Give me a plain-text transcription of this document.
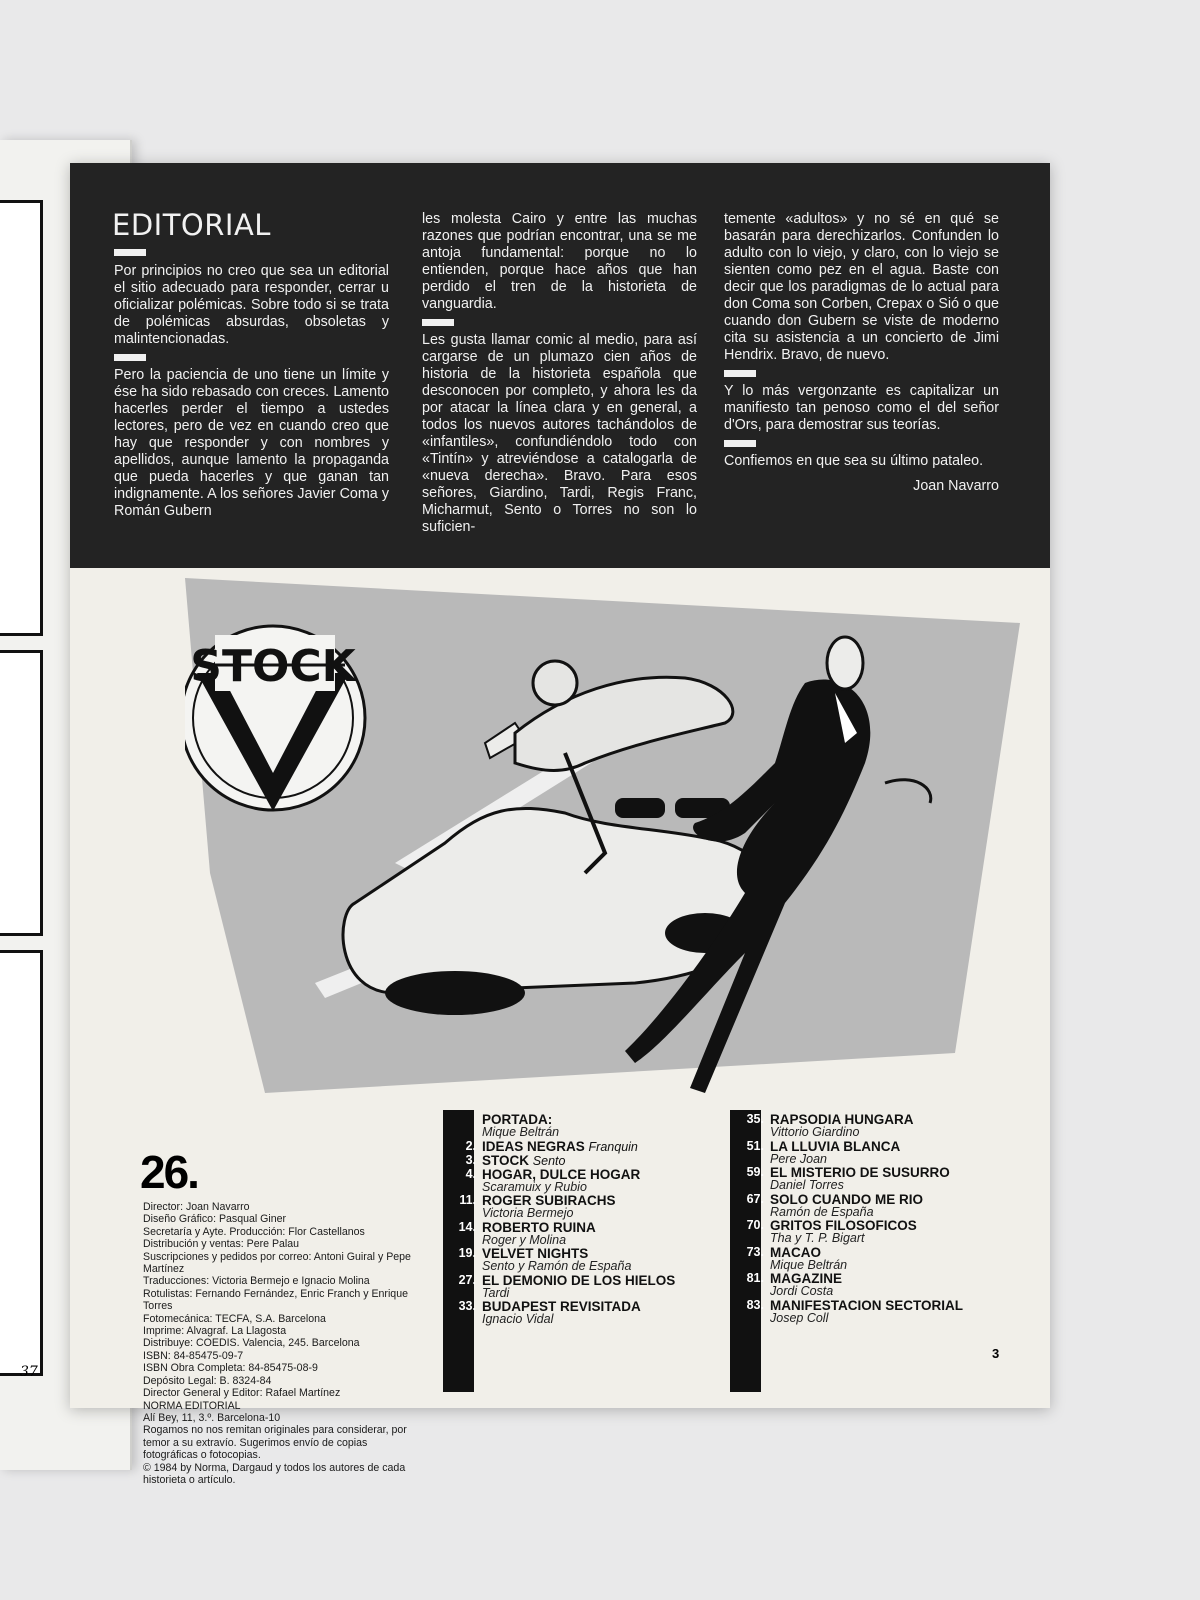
37
EDITORIAL

Por principios no creo que sea un editorial el sitio adecuado para responder, cerrar u oficializar polémicas. Sobre todo si se trata de polémicas absurdas, obsoletas y malintencionadas.

Pero la paciencia de uno tiene un límite y ése ha sido rebasado con creces. Lamento hacerles perder el tiempo a ustedes lectores, pero de vez en cuando creo que hay que responder y con nombres y apellidos, aunque lamento la propaganda que pueda hacerles y que ganan tan indignamente. A los señores Javier Coma y Román Gubern

les molesta Cairo y entre las muchas razones que podrían encontrar, una se me antoja fundamental: porque no lo entienden, porque hace años que han perdido el tren de la historieta de vanguardia.

Les gusta llamar comic al medio, para así cargarse de un plumazo cien años de historia de la historieta española que desconocen por completo, y ahora les da por atacar la línea clara y en general, a todos los nuevos autores tachándolos de «infantiles», confundiéndolo todo con «Tintín» y atreviéndose a catalogarla de «nueva derecha». Bravo. Para esos señores, Giardino, Tardi, Regis Franc, Micharmut, Sento o Torres no son lo suficien-

temente «adultos» y no sé en qué se basarán para derechizarlos. Confunden lo adulto con lo viejo, y claro, con lo viejo se sienten como pez en el agua. Baste con decir que los paradigmas de lo actual para don Coma son Corben, Crepax o Sió o que cuando don Gubern se viste de moderno cita su asistencia a un concierto de Jimi Hendrix. Bravo, de nuevo.

Y lo más vergonzante es capitalizar un manifiesto tan penoso como el del señor d'Ors, para demostrar sus teorías.

Confiemos en que sea su último pataleo.

Joan Navarro
STOCK
26.
Director: Joan Navarro
Diseño Gráfico: Pasqual Giner
Secretaría y Ayte. Producción: Flor Castellanos
Distribución y ventas: Pere Palau
Suscripciones y pedidos por correo: Antoni Guiral y Pepe Martínez
Traducciones: Victoria Bermejo e Ignacio Molina
Rotulistas: Fernando Fernández, Enric Franch y Enrique Torres
Fotomecánica: TECFA, S.A. Barcelona
Imprime: Alvagraf. La Llagosta
Distribuye: COEDIS. Valencia, 245. Barcelona
ISBN: 84-85475-09-7
ISBN Obra Completa: 84-85475-08-9
Depósito Legal: B. 8324-84
Director General y Editor: Rafael Martínez
NORMA EDITORIAL
Alí Bey, 11, 3.º. Barcelona-10
Rogamos no nos remitan originales para considerar, por temor a su extravío. Sugerimos envío de copias fotográficas o fotocopias.
© 1984 by Norma, Dargaud y todos los autores de cada historieta o artículo.
PORTADA:
Mique Beltrán
2. IDEAS NEGRAS Franquin
3. STOCK Sento
4. HOGAR, DULCE HOGAR
Scaramuix y Rubio
11. ROGER SUBIRACHS
Victoria Bermejo
14. ROBERTO RUINA
Roger y Molina
19. VELVET NIGHTS
Sento y Ramón de España
27. EL DEMONIO DE LOS HIELOS
Tardi
33. BUDAPEST REVISITADA
Ignacio Vidal
35. RAPSODIA HUNGARA
Vittorio Giardino
51. LA LLUVIA BLANCA
Pere Joan
59. EL MISTERIO DE SUSURRO
Daniel Torres
67. SOLO CUANDO ME RIO
Ramón de España
70. GRITOS FILOSOFICOS
Tha y T. P. Bigart
73. MACAO
Mique Beltrán
81. MAGAZINE
Jordi Costa
83. MANIFESTACION SECTORIAL
Josep Coll
3
